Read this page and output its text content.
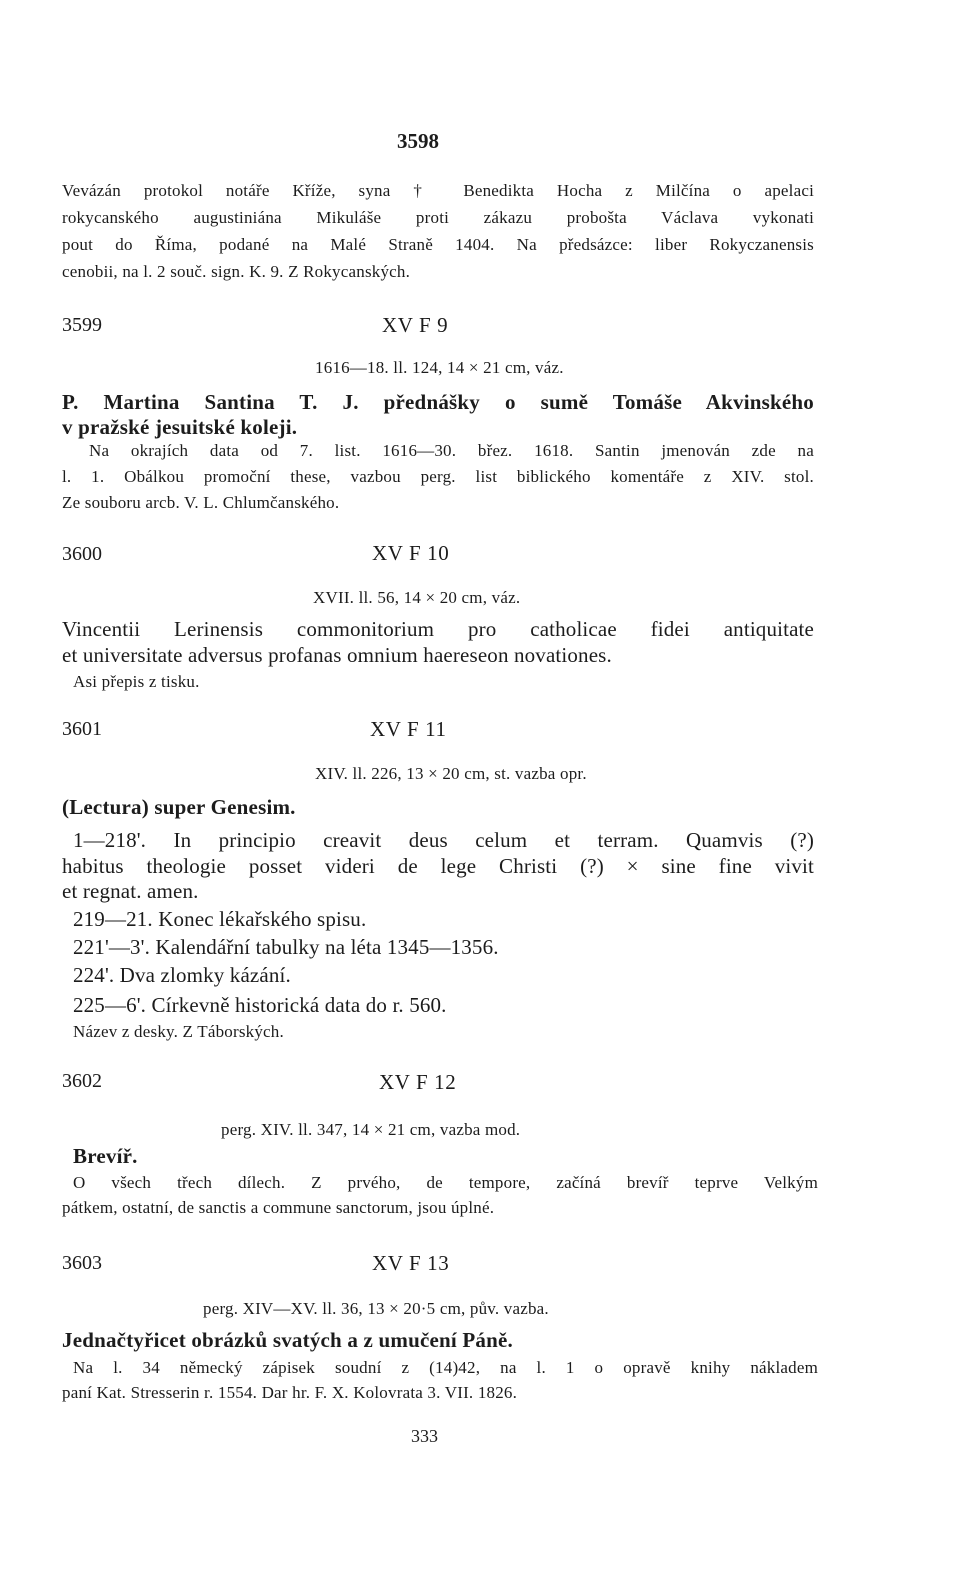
3598
Vevázán protokol notáře Kříže, syna † Benedikta Hocha z Milčína o apelaci
rokycanského augustiniána Mikuláše proti zákazu probošta Václava vykonati
pout do Říma, podané na Malé Straně 1404. Na předsázce: liber Rokyczanensis
cenobii, na l. 2 souč. sign. K. 9. Z Rokycanských.
3599	XV F 9
1616—18. ll. 124, 14 × 21 cm, váz.
P. Martina Santina T. J. přednášky o sumě Tomáše Akvinského
v pražské jesuitské koleji.
Na okrajích data od 7. list. 1616—30. břez. 1618. Santin jmenován zde na
l. 1. Obálkou promoční these, vazbou perg. list biblického komentáře z XIV. stol.
Ze souboru arcb. V. L. Chlumčanského.
3600	XV F 10
XVII. ll. 56, 14 × 20 cm, váz.
Vincentii Lerinensis commonitorium pro catholicae fidei antiquitate
et universitate adversus profanas omnium haereseon novationes.
Asi přepis z tisku.
3601	XV F 11
XIV. ll. 226, 13 × 20 cm, st. vazba opr.
(Lectura) super Genesim.
1—218'. In principio creavit deus celum et terram. Quamvis (?)
habitus theologie posset videri de lege Christi (?) × sine fine vivit
et regnat. amen.
219—21. Konec lékařského spisu.
221'—3'. Kalendářní tabulky na léta 1345—1356.
224'. Dva zlomky kázání.
225—6'. Církevně historická data do r. 560.
Název z desky. Z Táborských.
3602	XV F 12
perg. XIV. ll. 347, 14 × 21 cm, vazba mod.
Brevíř.
O všech třech dílech. Z prvého, de tempore, začíná brevíř teprve Velkým
pátkem, ostatní, de sanctis a commune sanctorum, jsou úplné.
3603	XV F 13
perg. XIV—XV. ll. 36, 13 × 20·5 cm, pův. vazba.
Jednačtyřicet obrázků svatých a z umučení Páně.
Na l. 34 německý zápisek soudní z (14)42, na l. 1 o opravě knihy nákladem
paní Kat. Stresserin r. 1554. Dar hr. F. X. Kolovrata 3. VII. 1826.
333
